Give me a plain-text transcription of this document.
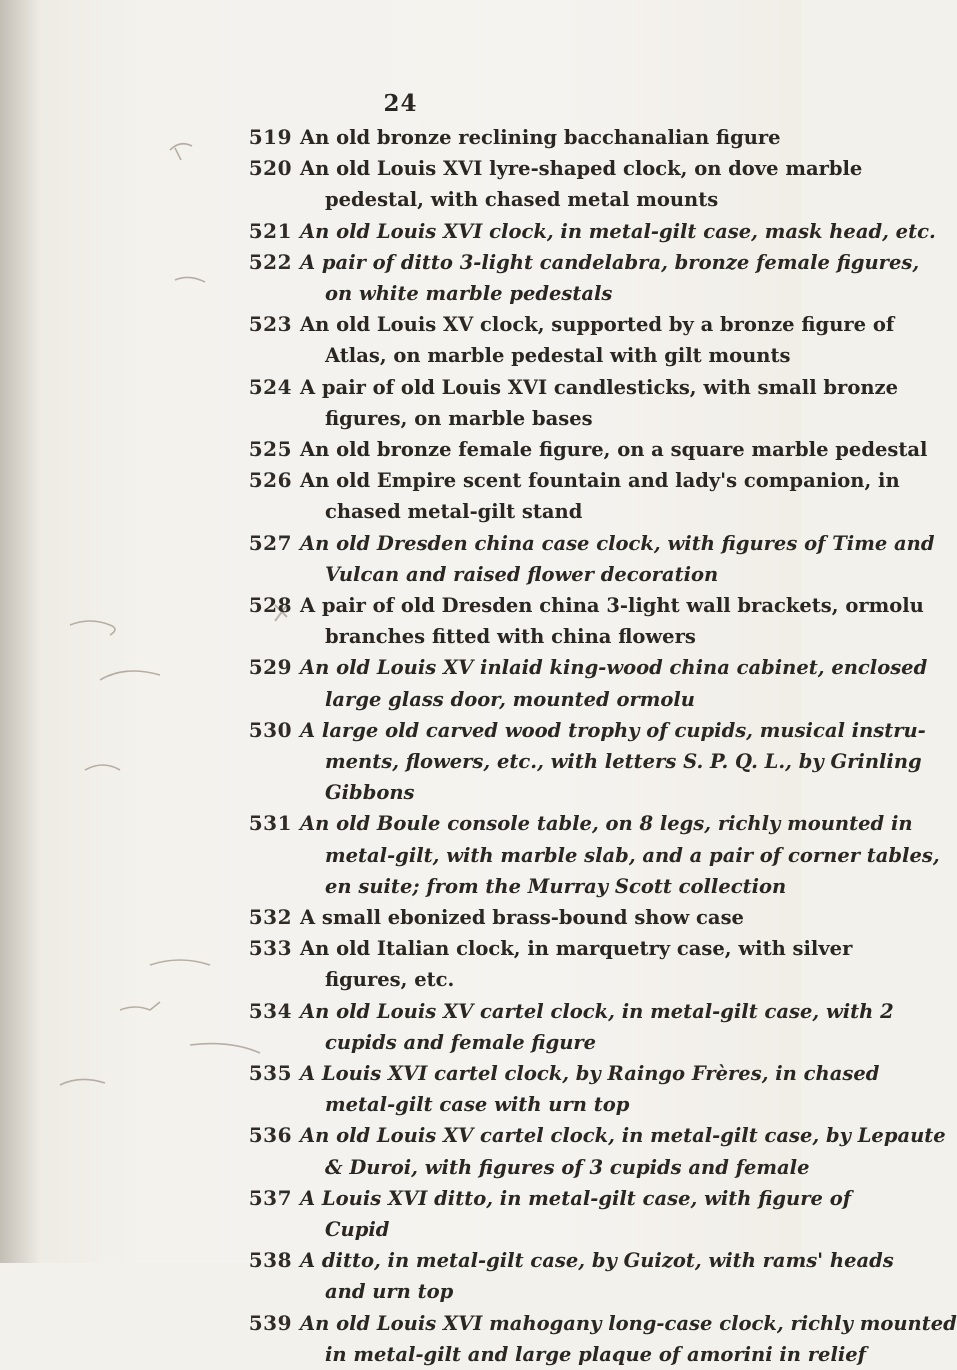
24
519 An old bronze reclining bacchanalian figure
520 An old Louis XVI lyre-shaped clock, on dove marble
pedestal, with chased metal mounts
521 An old Louis XVI clock, in metal-gilt case, mask head, etc.
522 A pair of ditto 3-light candelabra, bronze female figures,
on white marble pedestals
523 An old Louis XV clock, supported by a bronze figure of
Atlas, on marble pedestal with gilt mounts
524 A pair of old Louis XVI candlesticks, with small bronze
figures, on marble bases
525 An old bronze female figure, on a square marble pedestal
526 An old Empire scent fountain and lady's companion, in
chased metal-gilt stand
527 An old Dresden china case clock, with figures of Time and
Vulcan and raised flower decoration
528 A pair of old Dresden china 3-light wall brackets, ormolu
branches fitted with china flowers
529 An old Louis XV inlaid king-wood china cabinet, enclosed
large glass door, mounted ormolu
530 A large old carved wood trophy of cupids, musical instru-
ments, flowers, etc., with letters S. P. Q. L., by Grinling
Gibbons
531 An old Boule console table, on 8 legs, richly mounted in
metal-gilt, with marble slab, and a pair of corner tables,
en suite; from the Murray Scott collection
532 A small ebonized brass-bound show case
533 An old Italian clock, in marquetry case, with silver
figures, etc.
534 An old Louis XV cartel clock, in metal-gilt case, with 2
cupids and female figure
535 A Louis XVI cartel clock, by Raingo Frères, in chased
metal-gilt case with urn top
536 An old Louis XV cartel clock, in metal-gilt case, by Lepaute
& Duroi, with figures of 3 cupids and female
537 A Louis XVI ditto, in metal-gilt case, with figure of
Cupid
538 A ditto, in metal-gilt case, by Guizot, with rams' heads
and urn top
539 An old Louis XVI mahogany long-case clock, richly mounted
in metal-gilt and large plaque of amorini in relief
